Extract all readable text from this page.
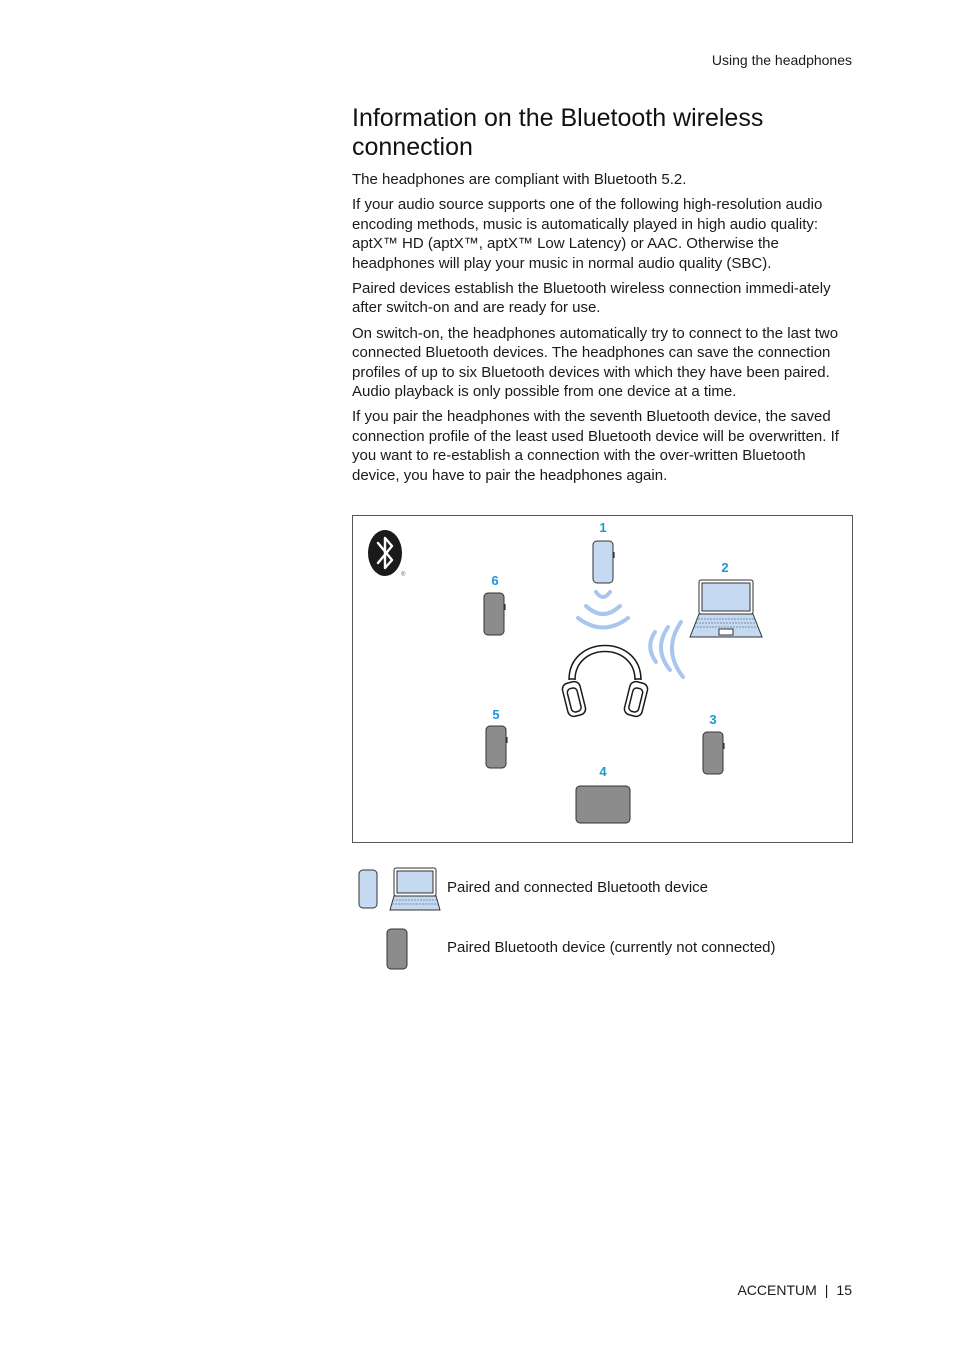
Using the headphones
Information on the Bluetooth wireless connection

The headphones are compliant with Bluetooth 5.2.

If your audio source supports one of the following high-resolution audio encoding methods, music is automatically played in high audio quality: aptX™ HD (aptX™, aptX™ Low Latency) or AAC. Otherwise the headphones will play your music in normal audio quality (SBC).

Paired devices establish the Bluetooth wireless connection immedi-ately after switch-on and are ready for use.

On switch-on, the headphones automatically try to connect to the last two connected Bluetooth devices. The headphones can save the connection profiles of up to six Bluetooth devices with which they have been paired. Audio playback is only possible from one device at a time.

If you pair the headphones with the seventh Bluetooth device, the saved connection profile of the least used Bluetooth device will be overwritten. If you want to re-establish a connection with the over-written Bluetooth device, you have to pair the headphones again.

®
1
2
3
4
5
6
Paired and connected Bluetooth device
Paired Bluetooth device (currently not connected)
ACCENTUM | 15
